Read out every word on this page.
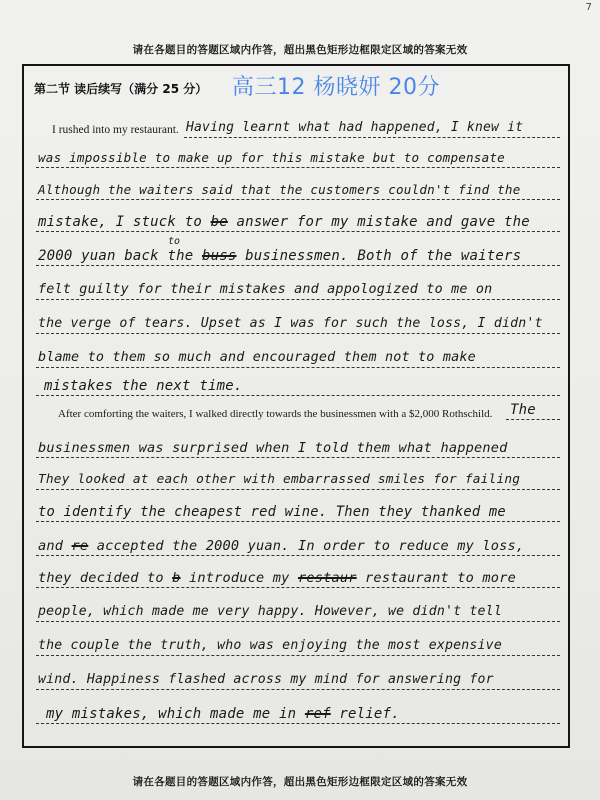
7
请在各题目的答题区域内作答，超出黑色矩形边框限定区域的答案无效
第二节 读后续写（满分 25 分） 高三12 杨晓妍 20分
I rushed into my restaurant. Having learnt what had happened, I knew it
was impossible to make up for this mistake but to compensate
Although the waiters said that the customers couldn't find the
mistake, I stuck to be answer for my mistake and gave the
to
2000 yuan back the buss businessmen. Both of the waiters
felt guilty for their mistakes and appologized to me on
the verge of tears. Upset as I was for such the loss, I didn't
blame to them so much and encouraged them not to make
mistakes the next time.
After comforting the waiters, I walked directly towards the businessmen with a $2,000 Rothschild. The
businessmen was surprised when I told them what happened
They looked at each other with embarrassed smiles for failing
to identify the cheapest red wine. Then they thanked me
and re accepted the 2000 yuan. In order to reduce my loss,
they decided to b introduce my restaur restaurant to more
people, which made me very happy. However, we didn't tell
the couple the truth, who was enjoying the most expensive
wind. Happiness flashed across my mind for answering for
my mistakes, which made me in ref relief.
请在各题目的答题区域内作答，超出黑色矩形边框限定区域的答案无效
